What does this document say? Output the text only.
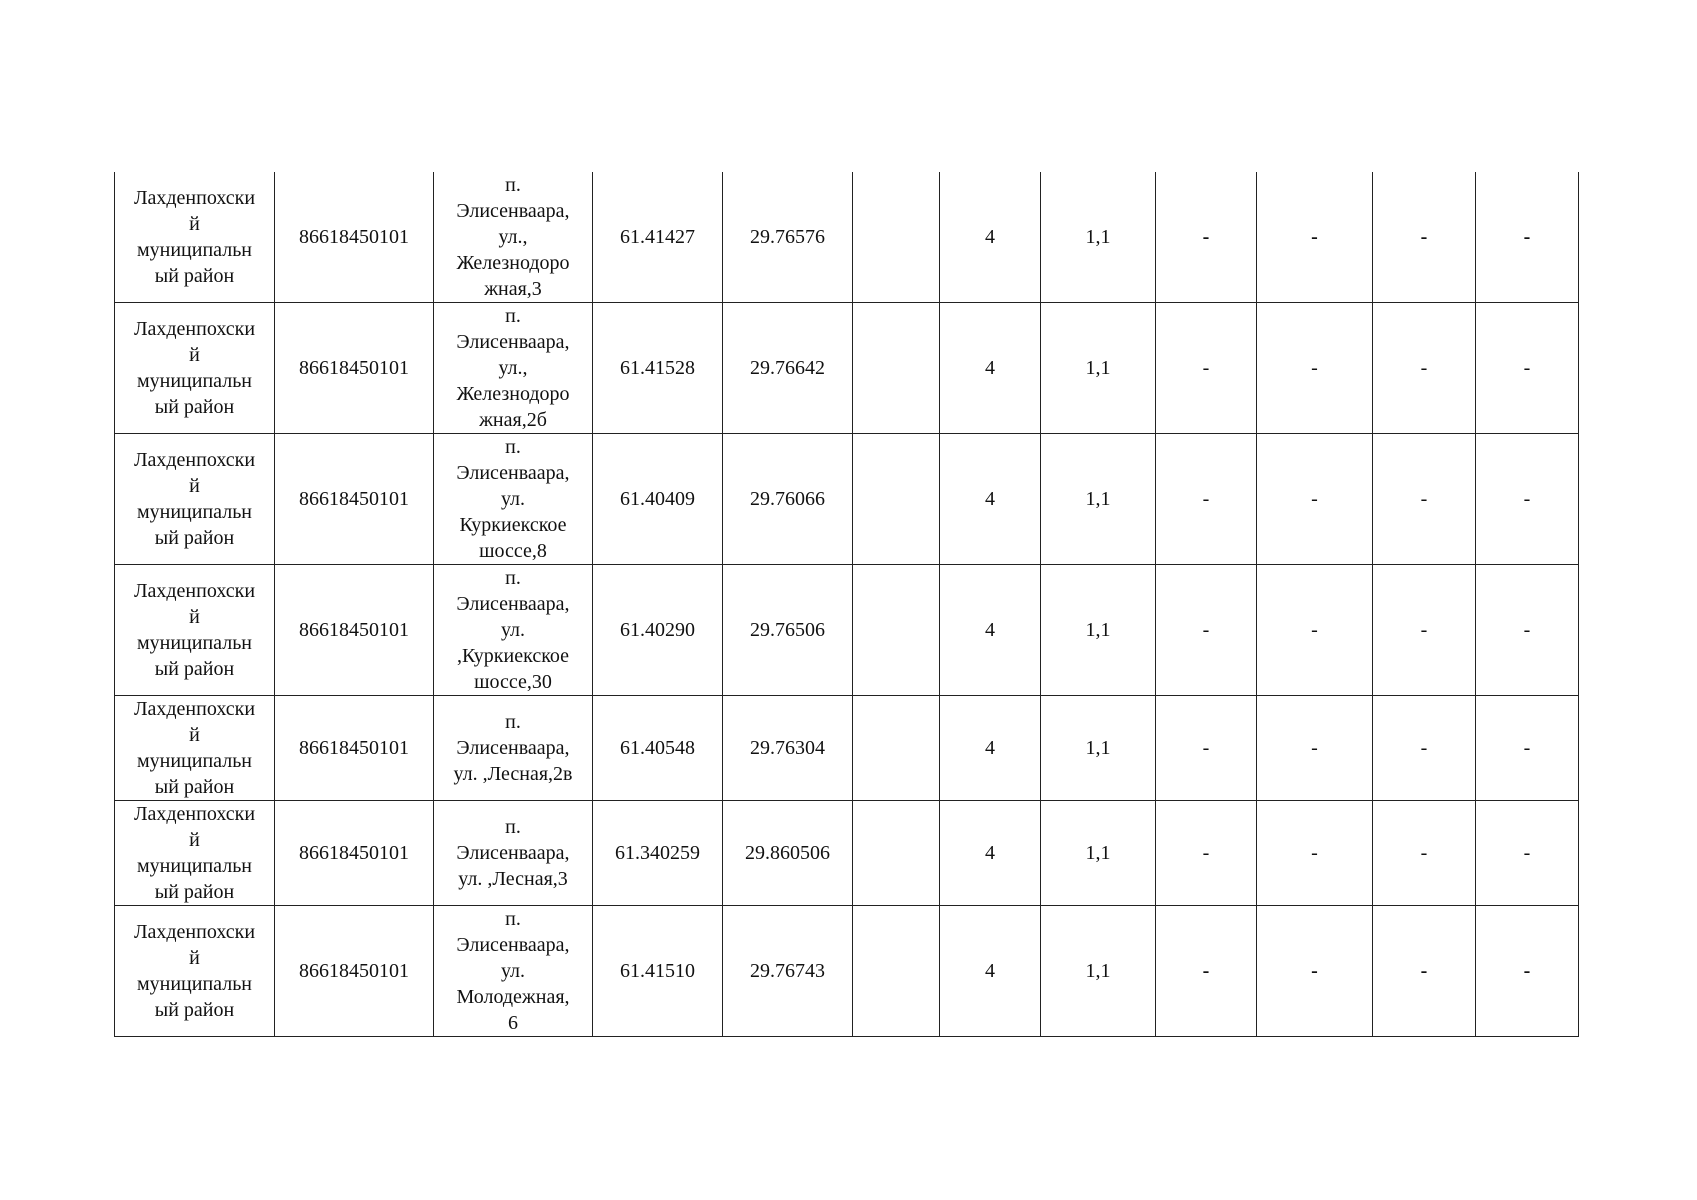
Лахденпохски
й
муниципальн
ый район	86618450101	п.
Элисенваара,
ул.,
Железнодоро
жная,3	61.41427	29.76576		4	1,1	-	-	-	-
Лахденпохски
й
муниципальн
ый район	86618450101	п.
Элисенваара,
ул.,
Железнодоро
жная,2б	61.41528	29.76642		4	1,1	-	-	-	-
Лахденпохски
й
муниципальн
ый район	86618450101	п.
Элисенваара,
ул.
Куркиекское
шоссе,8	61.40409	29.76066		4	1,1	-	-	-	-
Лахденпохски
й
муниципальн
ый район	86618450101	п.
Элисенваара,
ул.
,Куркиекское
шоссе,30	61.40290	29.76506		4	1,1	-	-	-	-
Лахденпохски
й
муниципальн
ый район	86618450101	п.
Элисенваара,
ул. ,Лесная,2в	61.40548	29.76304		4	1,1	-	-	-	-
Лахденпохски
й
муниципальн
ый район	86618450101	п.
Элисенваара,
ул. ,Лесная,3	61.340259	29.860506		4	1,1	-	-	-	-
Лахденпохски
й
муниципальн
ый район	86618450101	п.
Элисенваара,
ул.
Молодежная,
6	61.41510	29.76743		4	1,1	-	-	-	-
